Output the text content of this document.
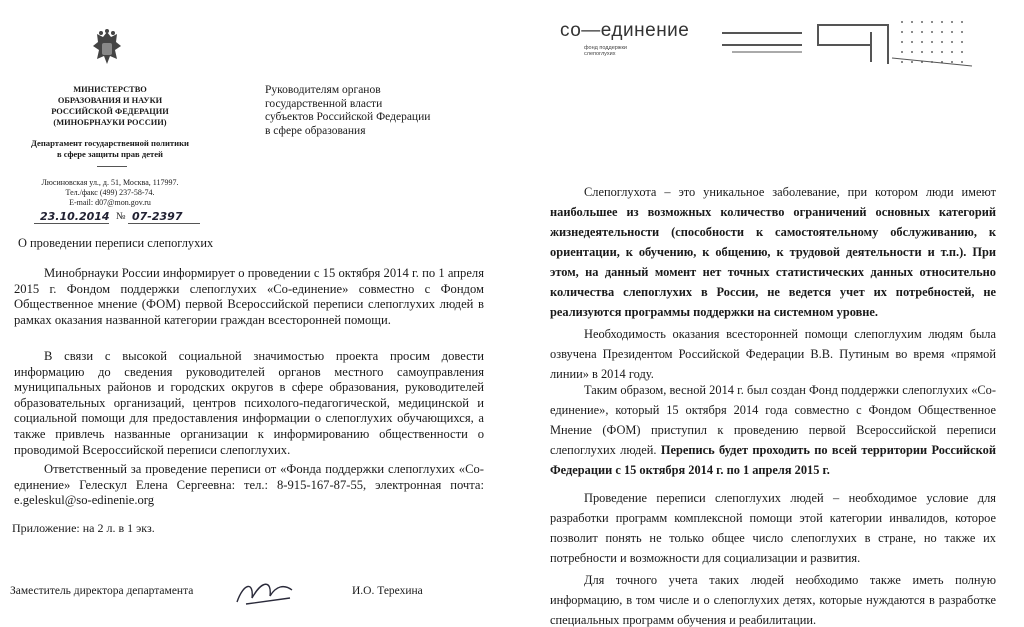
МИНИСТЕРСТВО
ОБРАЗОВАНИЯ И НАУКИ
РОССИЙСКОЙ ФЕДЕРАЦИИ
(МИНОБРНАУКИ РОССИИ)
Департамент государственной политики
в сфере защиты прав детей
Люсиновская ул., д. 51, Москва, 117997.
Тел./факс (499) 237-58-74.
E-mail: d07@mon.gov.ru
23.10.2014 № 07-2397
Руководителям органов
государственной власти
субъектов Российской Федерации
в сфере образования
О проведении переписи слепоглухих
Минобрнауки России информирует о проведении с 15 октября 2014 г. по 1 апреля 2015 г. Фондом поддержки слепоглухих «Со-единение» совместно с Фондом Общественное мнение (ФОМ) первой Всероссийской переписи слепоглухих людей в рамках оказания названной категории граждан всесторонней помощи.
В связи с высокой социальной значимостью проекта просим довести информацию до сведения руководителей органов местного самоуправления муниципальных районов и городских округов в сфере образования, руководителей образовательных организаций, центров психолого-педагогической, медицинской и социальной помощи для предоставления информации о слепоглухих обучающихся, а также привлечь названные организации к информированию общественности о проводимой Всероссийской переписи слепоглухих.
Ответственный за проведение переписи от «Фонда поддержки слепоглухих «Со-единение» Гелескул Елена Сергеевна: тел.: 8-915-167-87-55, электронная почта: e.geleskul@so-edinenie.org
Приложение: на 2 л. в 1 экз.
Заместитель директора департамента	И.О. Терехина
со—единение
фонд поддержки
слепоглухих
Слепоглухота – это уникальное заболевание, при котором люди имеют наибольшее из возможных количество ограничений основных категорий жизнедеятельности (способности к самостоятельному обслуживанию, к ориентации, к обучению, к общению, к трудовой деятельности и т.п.). При этом, на данный момент нет точных статистических данных относительно количества слепоглухих в России, не ведется учет их потребностей, не реализуются программы поддержки на системном уровне.
Необходимость оказания всесторонней помощи слепоглухим людям была озвучена Президентом Российской Федерации В.В. Путиным во время «прямой линии» в 2014 году.
Таким образом, весной 2014 г. был создан Фонд поддержки слепоглухих «Со-единение», который 15 октября 2014 года совместно с Фондом Общественное Мнение (ФОМ) приступил к проведению первой Всероссийской переписи слепоглухих людей. Перепись будет проходить по всей территории Российской Федерации с 15 октября 2014 г. по 1 апреля 2015 г.
Проведение переписи слепоглухих людей – необходимое условие для разработки программ комплексной помощи этой категории инвалидов, которое позволит понять не только общее число слепоглухих в стране, но также их потребности и возможности для социализации и развития.
Для точного учета таких людей необходимо также иметь полную информацию, в том числе и о слепоглухих детях, которые нуждаются в разработке специальных программ обучения и реабилитации.
